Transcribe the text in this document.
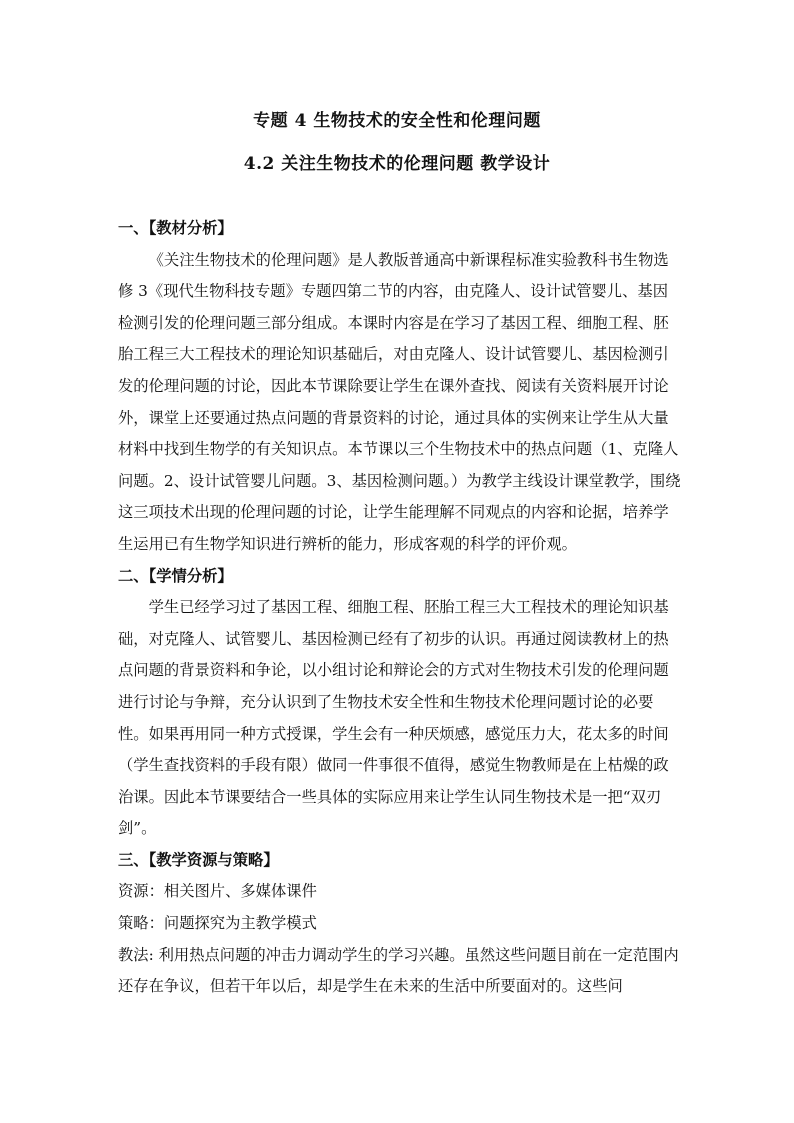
专题 4 生物技术的安全性和伦理问题
4.2 关注生物技术的伦理问题 教学设计

一、【教材分析】

《关注生物技术的伦理问题》是人教版普通高中新课程标准实验教科书生物选修 3《现代生物科技专题》专题四第二节的内容，由克隆人、设计试管婴儿、基因检测引发的伦理问题三部分组成。本课时内容是在学习了基因工程、细胞工程、胚胎工程三大工程技术的理论知识基础后，对由克隆人、设计试管婴儿、基因检测引发的伦理问题的讨论，因此本节课除要让学生在课外查找、阅读有关资料展开讨论外，课堂上还要通过热点问题的背景资料的讨论，通过具体的实例来让学生从大量材料中找到生物学的有关知识点。本节课以三个生物技术中的热点问题（1、克隆人问题。2、设计试管婴儿问题。3、基因检测问题。）为教学主线设计课堂教学，围绕这三项技术出现的伦理问题的讨论，让学生能理解不同观点的内容和论据，培养学生运用已有生物学知识进行辨析的能力，形成客观的科学的评价观。

二、【学情分析】

学生已经学习过了基因工程、细胞工程、胚胎工程三大工程技术的理论知识基础，对克隆人、试管婴儿、基因检测已经有了初步的认识。再通过阅读教材上的热点问题的背景资料和争论，以小组讨论和辩论会的方式对生物技术引发的伦理问题进行讨论与争辩，充分认识到了生物技术安全性和生物技术伦理问题讨论的必要性。如果再用同一种方式授课，学生会有一种厌烦感，感觉压力大，花太多的时间（学生查找资料的手段有限）做同一件事很不值得，感觉生物教师是在上枯燥的政治课。因此本节课要结合一些具体的实际应用来让学生认同生物技术是一把“双刃剑”。

三、【教学资源与策略】

资源：相关图片、多媒体课件

策略：问题探究为主教学模式

教法: 利用热点问题的冲击力调动学生的学习兴趣。虽然这些问题目前在一定范围内还存在争议，但若干年以后，却是学生在未来的生活中所要面对的。这些问
